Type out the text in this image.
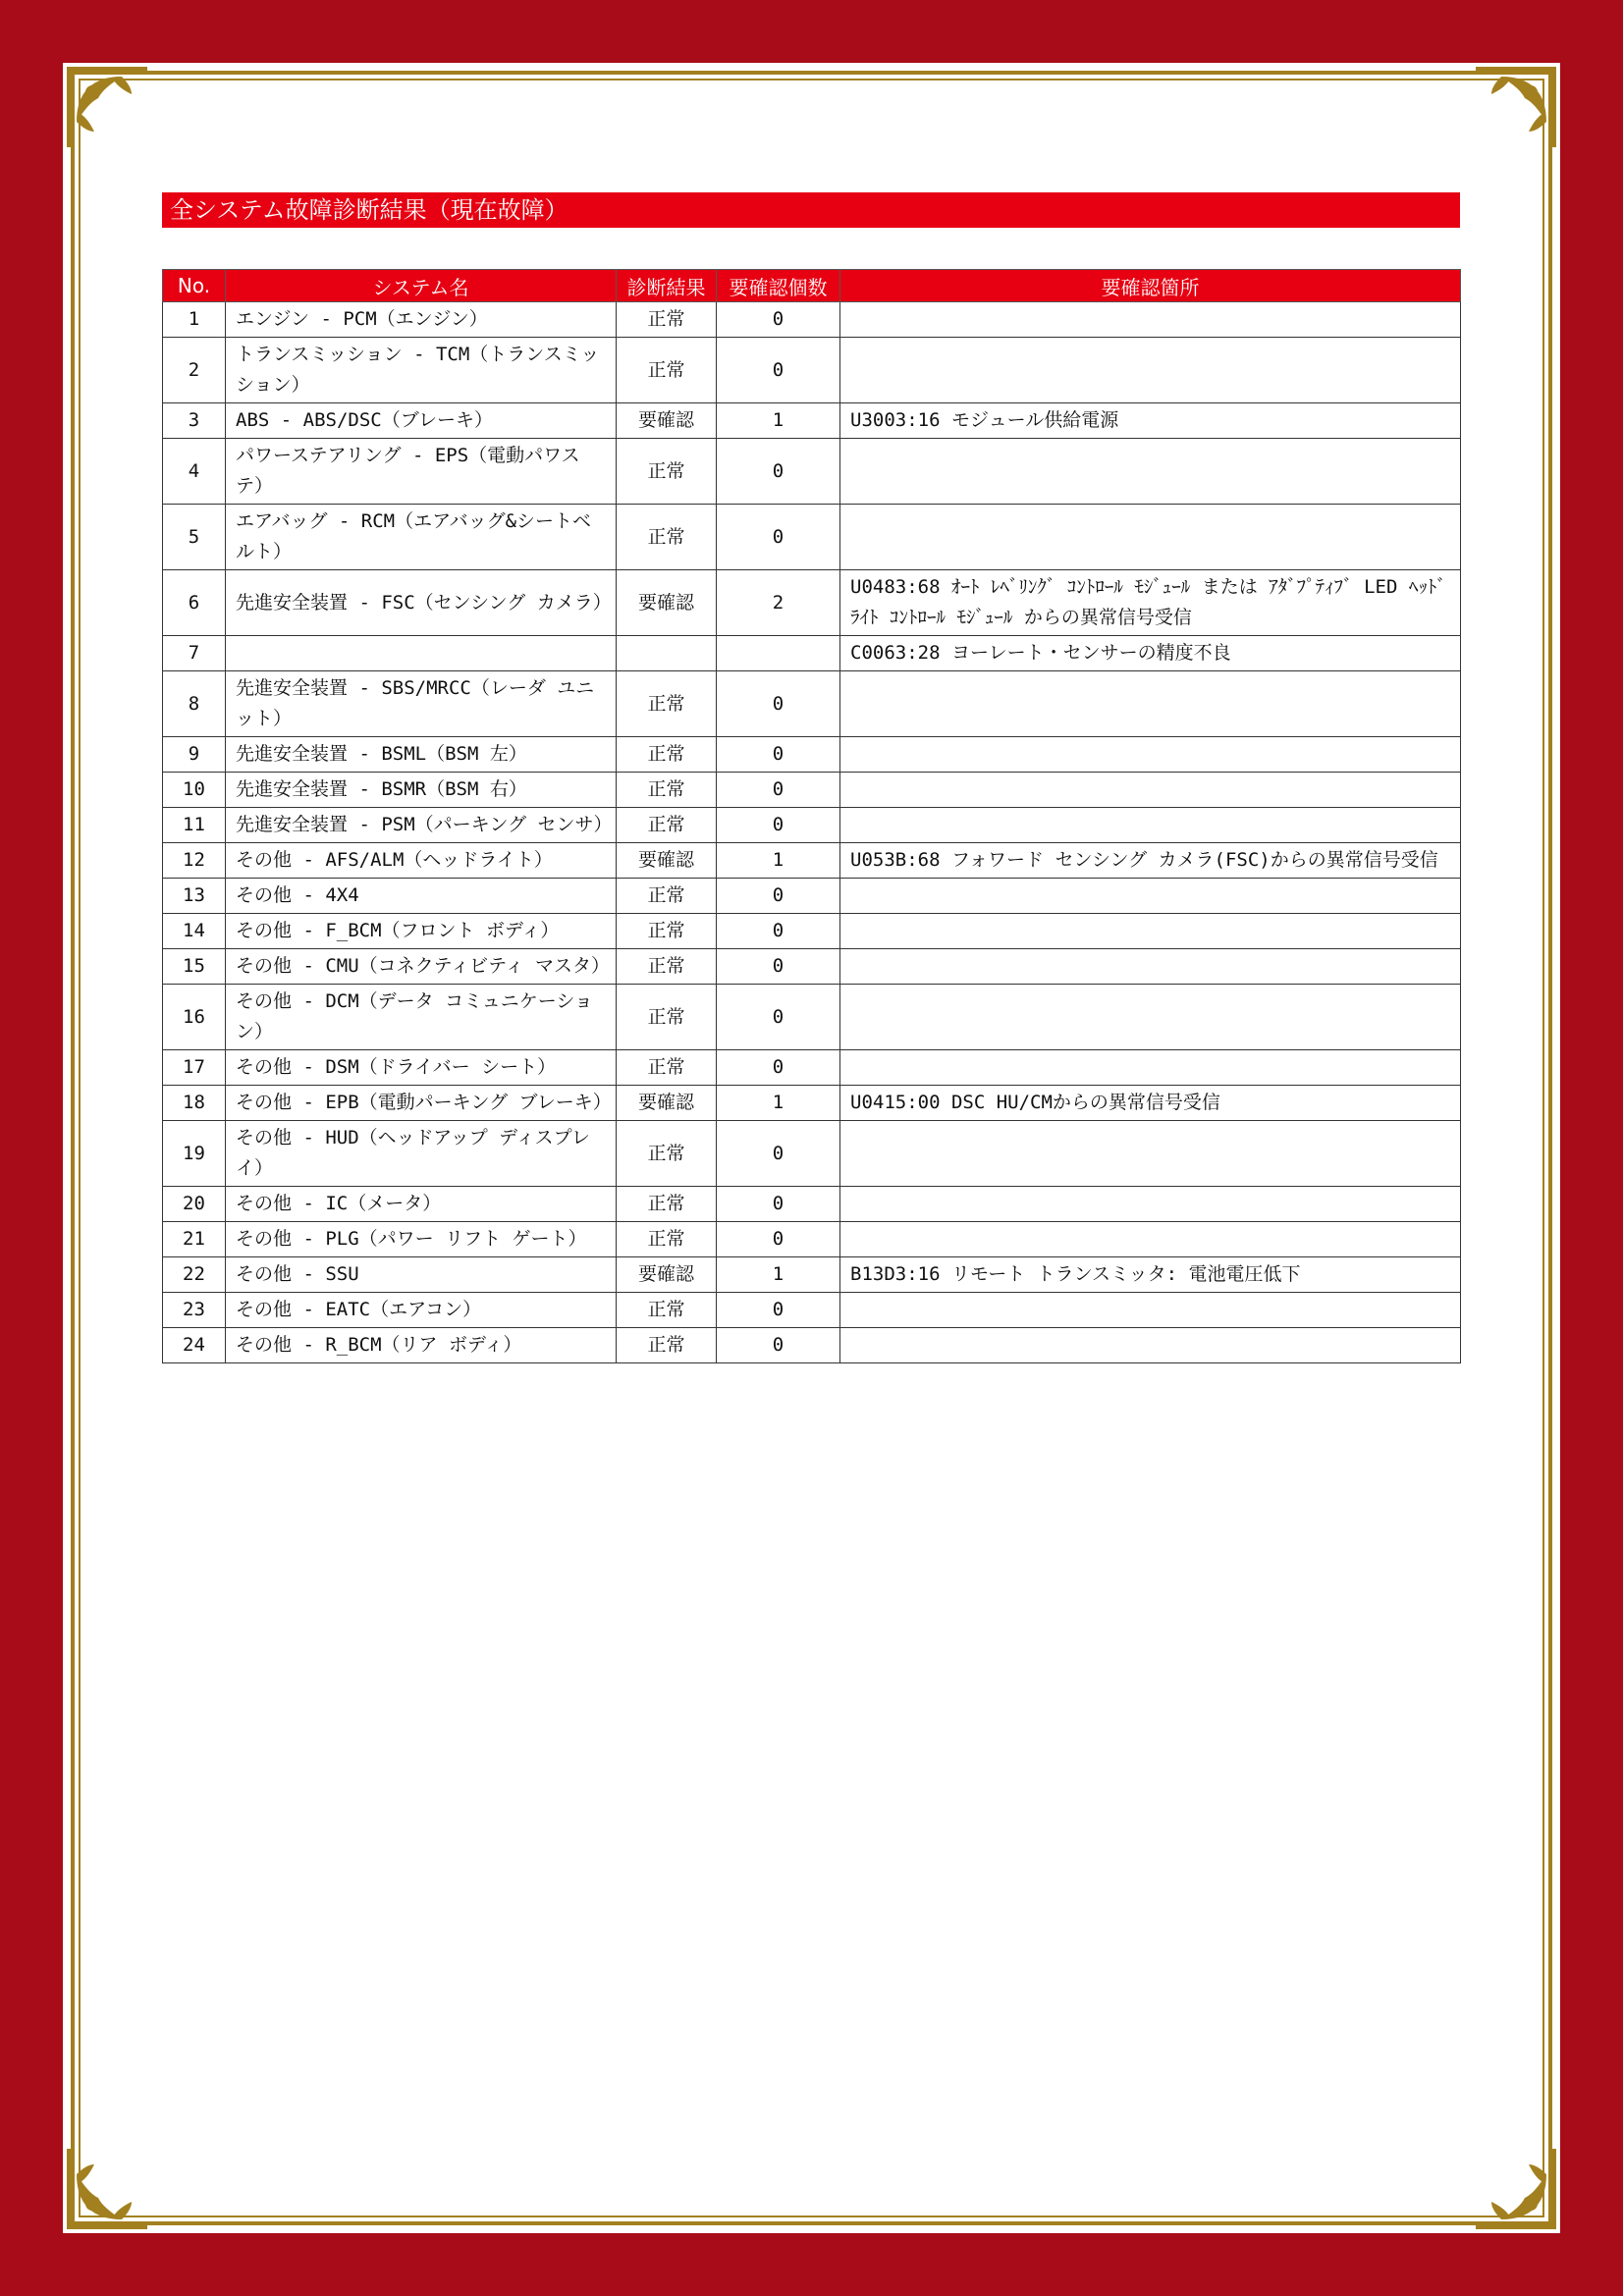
全システム故障診断結果（現在故障）
No.	システム名	診断結果	要確認個数	要確認箇所
1	エンジン - PCM（エンジン）	正常	0	
2	トランスミッション - TCM（トランスミッション）	正常	0	
3	ABS - ABS/DSC（ブレーキ）	要確認	1	U3003:16 モジュール供給電源
4	パワーステアリング - EPS（電動パワステ）	正常	0	
5	エアバッグ - RCM（エアバッグ&シートベルト）	正常	0	
6	先進安全装置 - FSC（センシング カメラ）	要確認	2	U0483:68 ｵｰﾄ ﾚﾍﾞﾘﾝｸﾞ ｺﾝﾄﾛｰﾙ ﾓｼﾞｭｰﾙ または ｱﾀﾞﾌﾟﾃｨﾌﾞ LED ﾍｯﾄﾞﾗｲﾄ ｺﾝﾄﾛｰﾙ ﾓｼﾞｭｰﾙ からの異常信号受信
7				C0063:28 ヨーレート・センサーの精度不良
8	先進安全装置 - SBS/MRCC（レーダ ユニット）	正常	0	
9	先進安全装置 - BSML（BSM 左）	正常	0	
10	先進安全装置 - BSMR（BSM 右）	正常	0	
11	先進安全装置 - PSM（パーキング センサ）	正常	0	
12	その他 - AFS/ALM（ヘッドライト）	要確認	1	U053B:68 フォワード センシング カメラ(FSC)からの異常信号受信
13	その他 - 4X4	正常	0	
14	その他 - F_BCM（フロント ボディ）	正常	0	
15	その他 - CMU（コネクティビティ マスタ）	正常	0	
16	その他 - DCM（データ コミュニケーション）	正常	0	
17	その他 - DSM（ドライバー シート）	正常	0	
18	その他 - EPB（電動パーキング ブレーキ）	要確認	1	U0415:00 DSC HU/CMからの異常信号受信
19	その他 - HUD（ヘッドアップ ディスプレイ）	正常	0	
20	その他 - IC（メータ）	正常	0	
21	その他 - PLG（パワー リフト ゲート）	正常	0	
22	その他 - SSU	要確認	1	B13D3:16 リモート トランスミッタ: 電池電圧低下
23	その他 - EATC（エアコン）	正常	0	
24	その他 - R_BCM（リア ボディ）	正常	0	
